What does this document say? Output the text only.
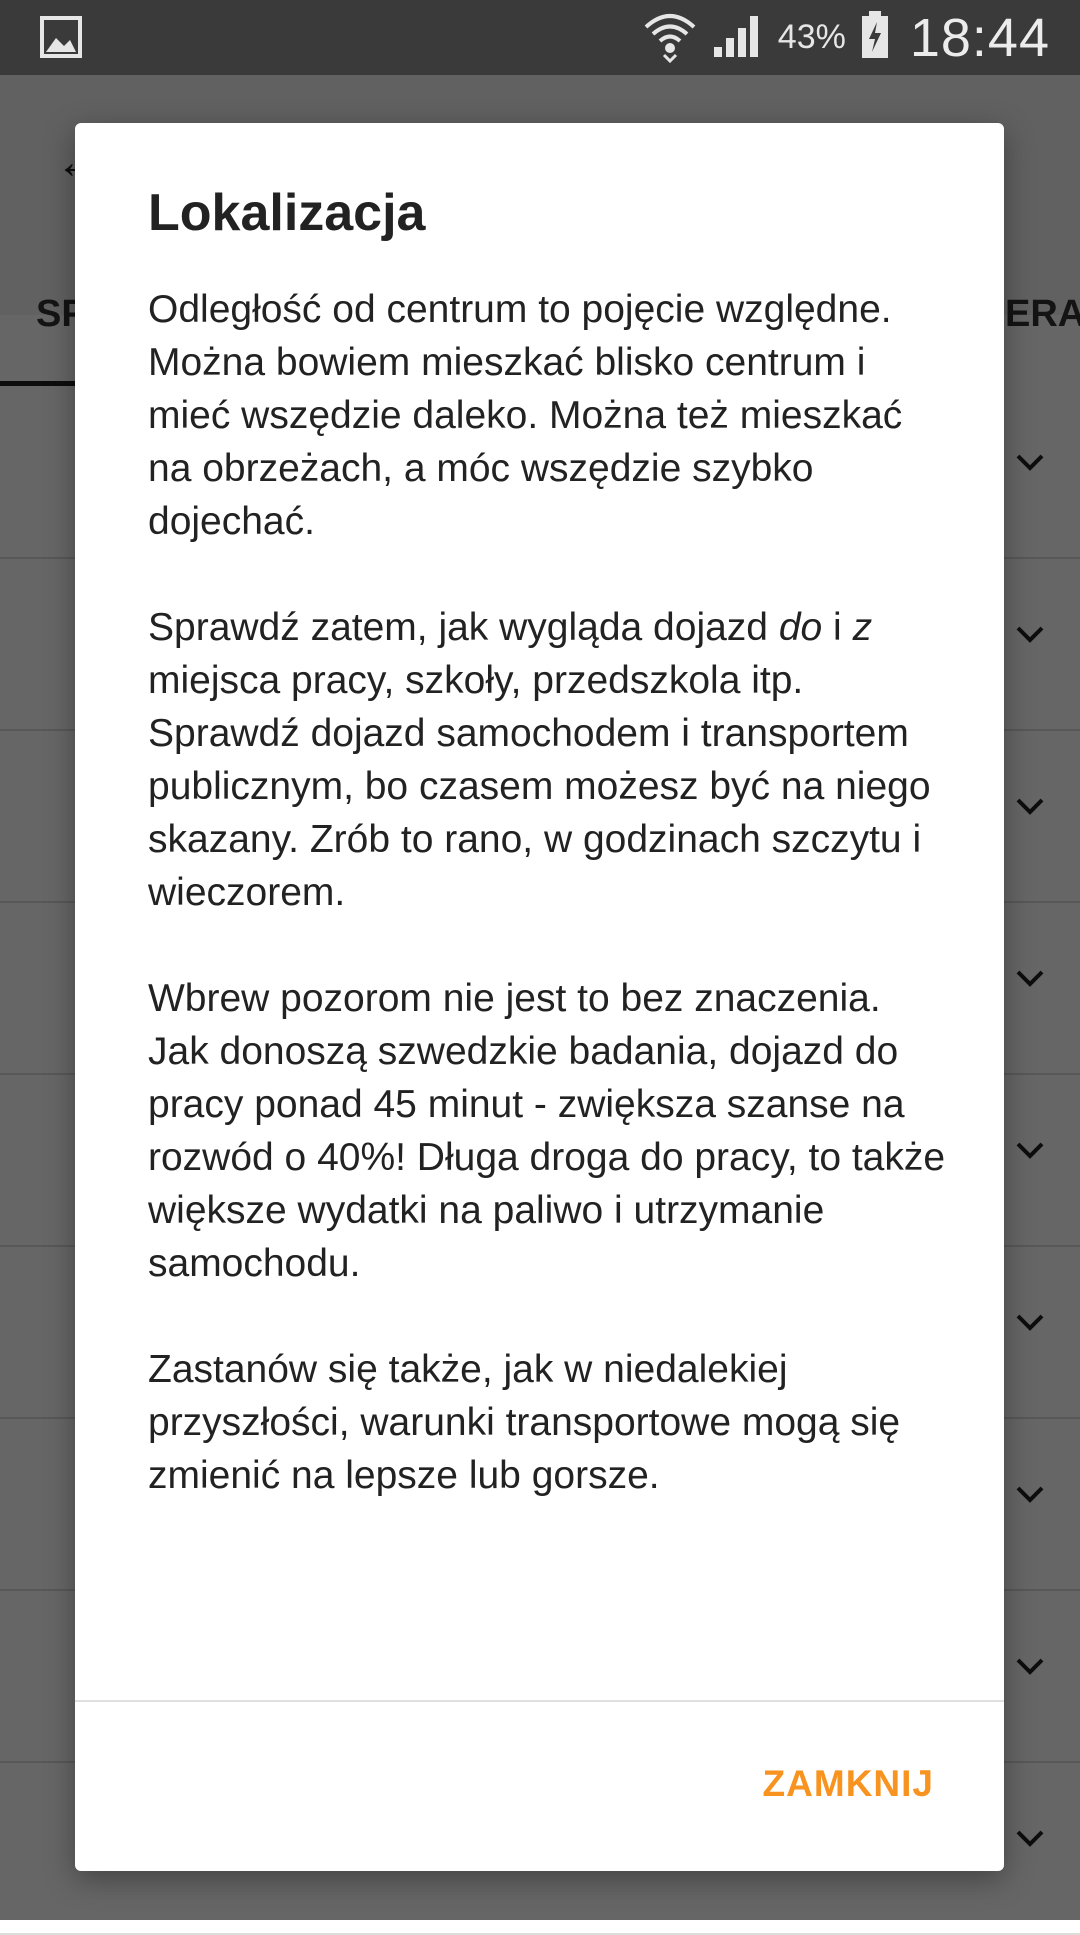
43% 18:44
Lokalizacja

Odległość od centrum to pojęcie względne. Można bowiem mieszkać blisko centrum i mieć wszędzie daleko. Można też mieszkać na obrzeżach, a móc wszędzie szybko dojechać.

Sprawdź zatem, jak wygląda dojazd do i z miejsca pracy, szkoły, przedszkola itp. Sprawdź dojazd samochodem i transportem publicznym, bo czasem możesz być na niego skazany. Zrób to rano, w godzinach szczytu i wieczorem.

Wbrew pozorom nie jest to bez znaczenia. Jak donoszą szwedzkie badania, dojazd do pracy ponad 45 minut - zwiększa szanse na rozwód o 40%! Długa droga do pracy, to także większe wydatki na paliwo i utrzymanie samochodu.

Zastanów się także, jak w niedalekiej przyszłości, warunki transportowe mogą się zmienić na lepsze lub gorsze.

ZAMKNIJ
